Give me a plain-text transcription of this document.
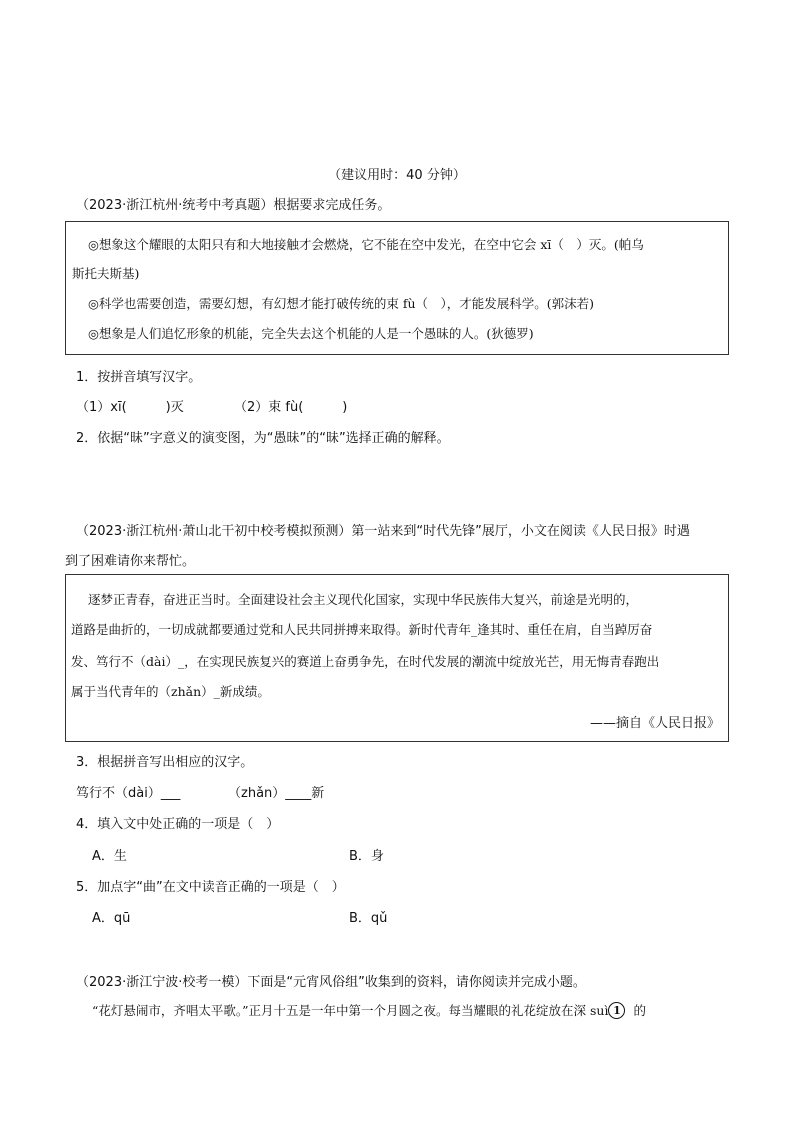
（建议用时：40 分钟）
（2023·浙江杭州·统考中考真题）根据要求完成任务。
◎想象这个耀眼的太阳只有和大地接触才会燃烧，它不能在空中发光，在空中它会 xī（　）灭。(帕乌
斯托夫斯基)
◎科学也需要创造，需要幻想，有幻想才能打破传统的束 fù（　），才能发展科学。(郭沫若)
◎想象是人们追忆形象的机能，完全失去这个机能的人是一个愚昧的人。(狄德罗)
1．按拼音填写汉字。
（1）xī(　　　)灭	（2）束 fù(　　　)
2．依据“昧”字意义的演变图，为“愚昧”的“昧”选择正确的解释。
（2023·浙江杭州·萧山北干初中校考模拟预测）第一站来到“时代先锋”展厅，小文在阅读《人民日报》时遇
到了困难请你来帮忙。
逐梦正青春，奋进正当时。全面建设社会主义现代化国家，实现中华民族伟大复兴，前途是光明的，
道路是曲折的，一切成就都要通过党和人民共同拼搏来取得。新时代青年_逢其时、重任在肩，自当踔厉奋
发、笃行不（dài）_，在实现民族复兴的赛道上奋勇争先，在时代发展的潮流中绽放光芒，用无悔青春跑出
属于当代青年的（zhǎn）_新成绩。
——摘自《人民日报》
3．根据拼音写出相应的汉字。
笃行不（dài）___	（zhǎn）____新
4．填入文中处正确的一项是（　）
A．生	B．身
5．加点字“曲”在文中读音正确的一项是（　）
A．qū	B．qǔ
（2023·浙江宁波·校考一模）下面是“元宵风俗组”收集到的资料，请你阅读并完成小题。
“花灯悬闹市，齐唱太平歌。”正月十五是一年中第一个月圆之夜。每当耀眼的礼花绽放在深 suì 1 的
